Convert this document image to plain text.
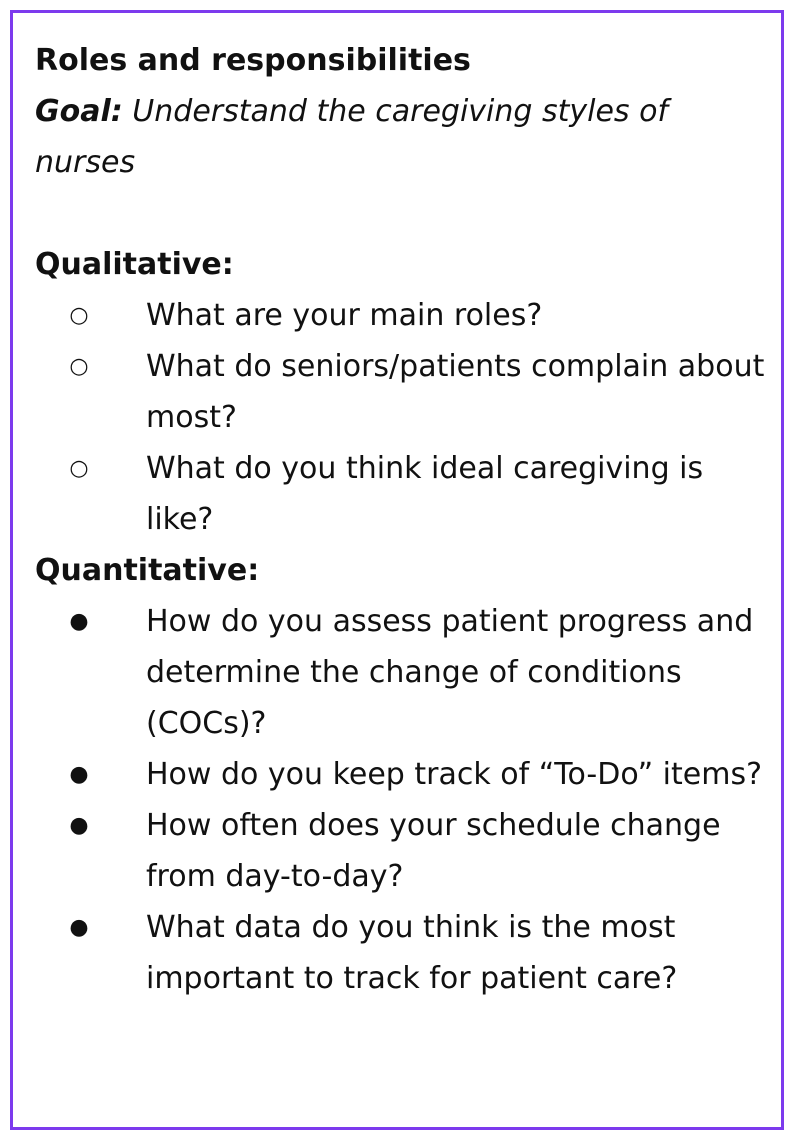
Roles and responsibilities

Goal: Understand the caregiving styles of nurses

Qualitative:

○ What are your main roles?
○ What do seniors/patients complain about most?
○ What do you think ideal caregiving is like?

Quantitative:

● How do you assess patient progress and determine the change of conditions (COCs)?
● How do you keep track of “To-Do” items?
● How often does your schedule change from day-to-day?
● What data do you think is the most important to track for patient care?
